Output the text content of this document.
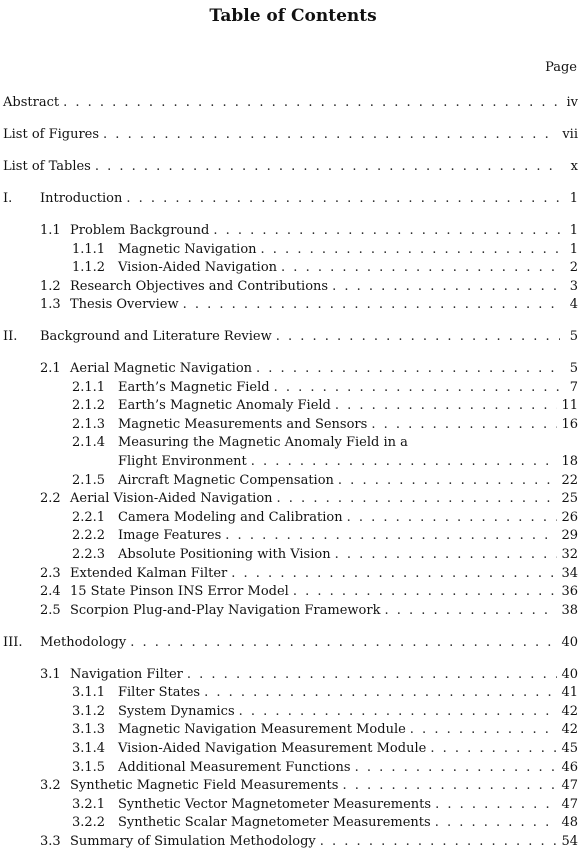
Table of Contents
Page
Abstract . . .	iv
List of Figures . . .	vii
List of Tables . . .	x
I.	Introduction . . .	1
1.1 Problem Background . . .	1
1.1.1 Magnetic Navigation . . .	1
1.1.2 Vision-Aided Navigation . . .	2
1.2 Research Objectives and Contributions . . .	3
1.3 Thesis Overview . . .	4
II.	Background and Literature Review . . .	5
2.1 Aerial Magnetic Navigation . . .	5
2.1.1 Earth’s Magnetic Field . . .	7
2.1.2 Earth’s Magnetic Anomaly Field . . .	11
2.1.3 Magnetic Measurements and Sensors . . .	16
2.1.4 Measuring the Magnetic Anomaly Field in a
Flight Environment . . .	18
2.1.5 Aircraft Magnetic Compensation . . .	22
2.2 Aerial Vision-Aided Navigation . . .	25
2.2.1 Camera Modeling and Calibration . . .	26
2.2.2 Image Features . . .	29
2.2.3 Absolute Positioning with Vision . . .	32
2.3 Extended Kalman Filter . . .	34
2.4 15 State Pinson INS Error Model . . .	36
2.5 Scorpion Plug-and-Play Navigation Framework . . .	38
III.	Methodology . . .	40
3.1 Navigation Filter . . .	40
3.1.1 Filter States . . .	41
3.1.2 System Dynamics . . .	42
3.1.3 Magnetic Navigation Measurement Module . . .	42
3.1.4 Vision-Aided Navigation Measurement Module . . .	45
3.1.5 Additional Measurement Functions . . .	46
3.2 Synthetic Magnetic Field Measurements . . .	47
3.2.1 Synthetic Vector Magnetometer Measurements . . .	47
3.2.2 Synthetic Scalar Magnetometer Measurements . . .	48
3.3 Summary of Simulation Methodology . . .	54
